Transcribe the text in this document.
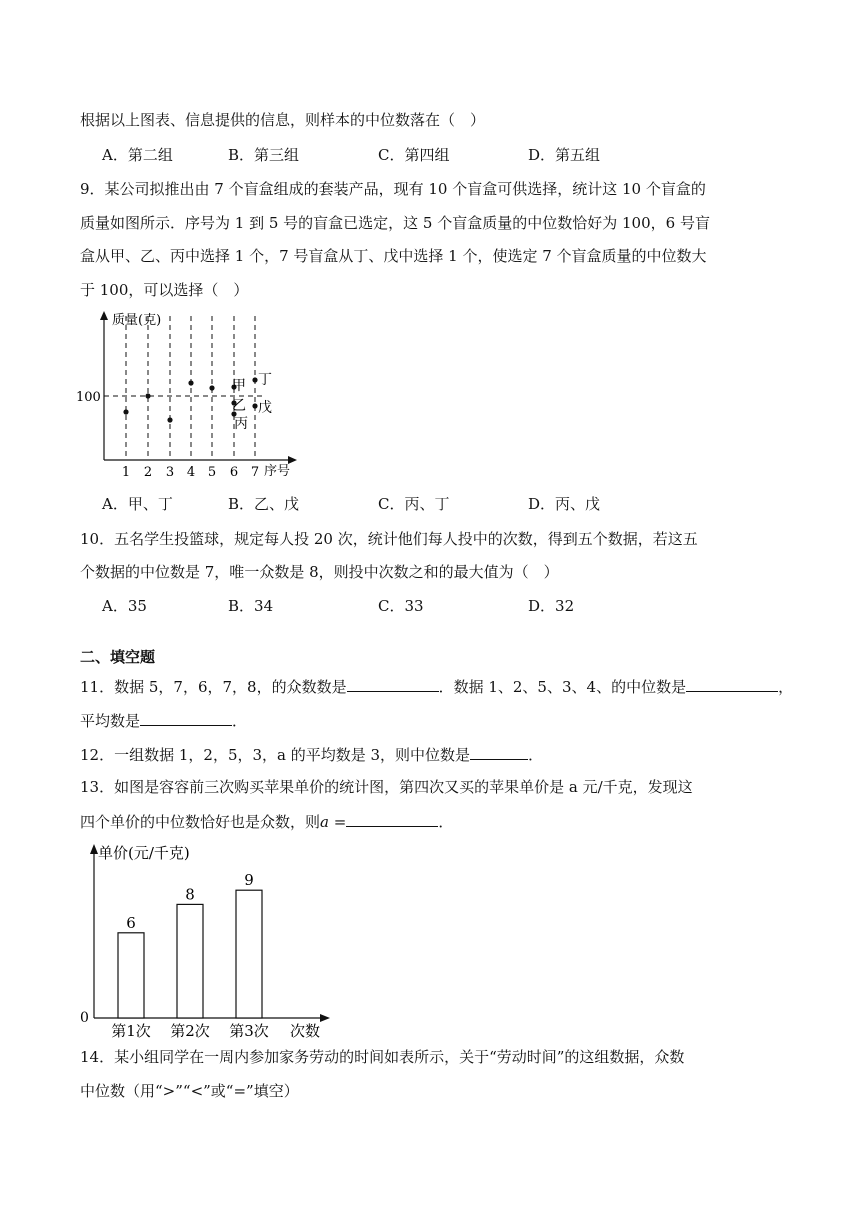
根据以上图表、信息提供的信息，则样本的中位数落在（　）
A．第二组	B．第三组	C．第四组	D．第五组
9．某公司拟推出由 7 个盲盒组成的套装产品，现有 10 个盲盒可供选择，统计这 10 个盲盒的
质量如图所示．序号为 1 到 5 号的盲盒已选定，这 5 个盲盒质量的中位数恰好为 100，6 号盲
盒从甲、乙、丙中选择 1 个，7 号盲盒从丁、戊中选择 1 个，使选定 7 个盲盒质量的中位数大
于 100，可以选择（　）
质量(克)
序号
100
1 2 3 4 5 6 7
甲 丁
乙 戊
丙
A．甲、丁	B．乙、戊	C．丙、丁	D．丙、戊
10．五名学生投篮球，规定每人投 20 次，统计他们每人投中的次数，得到五个数据，若这五
个数据的中位数是 7，唯一众数是 8，则投中次数之和的最大值为（　）
A．35	B．34	C．33	D．32
二、填空题
11．数据 5，7，6，7，8，的众数数是	．数据 1、2、5、3、4、的中位数是	，
平均数是	．
12．一组数据 1，2，5，3，a 的平均数是 3，则中位数是	．
13．如图是容容前三次购买苹果单价的统计图，第四次又买的苹果单价是 a 元/千克，发现这
四个单价的中位数恰好也是众数，则a =	．
单价(元/千克)
0
次数
6
第1次
8
第2次
9
第3次
14．某小组同学在一周内参加家务劳动的时间如表所示，关于“劳动时间”的这组数据，众数
中位数（用“>”“<”或“=”填空）
